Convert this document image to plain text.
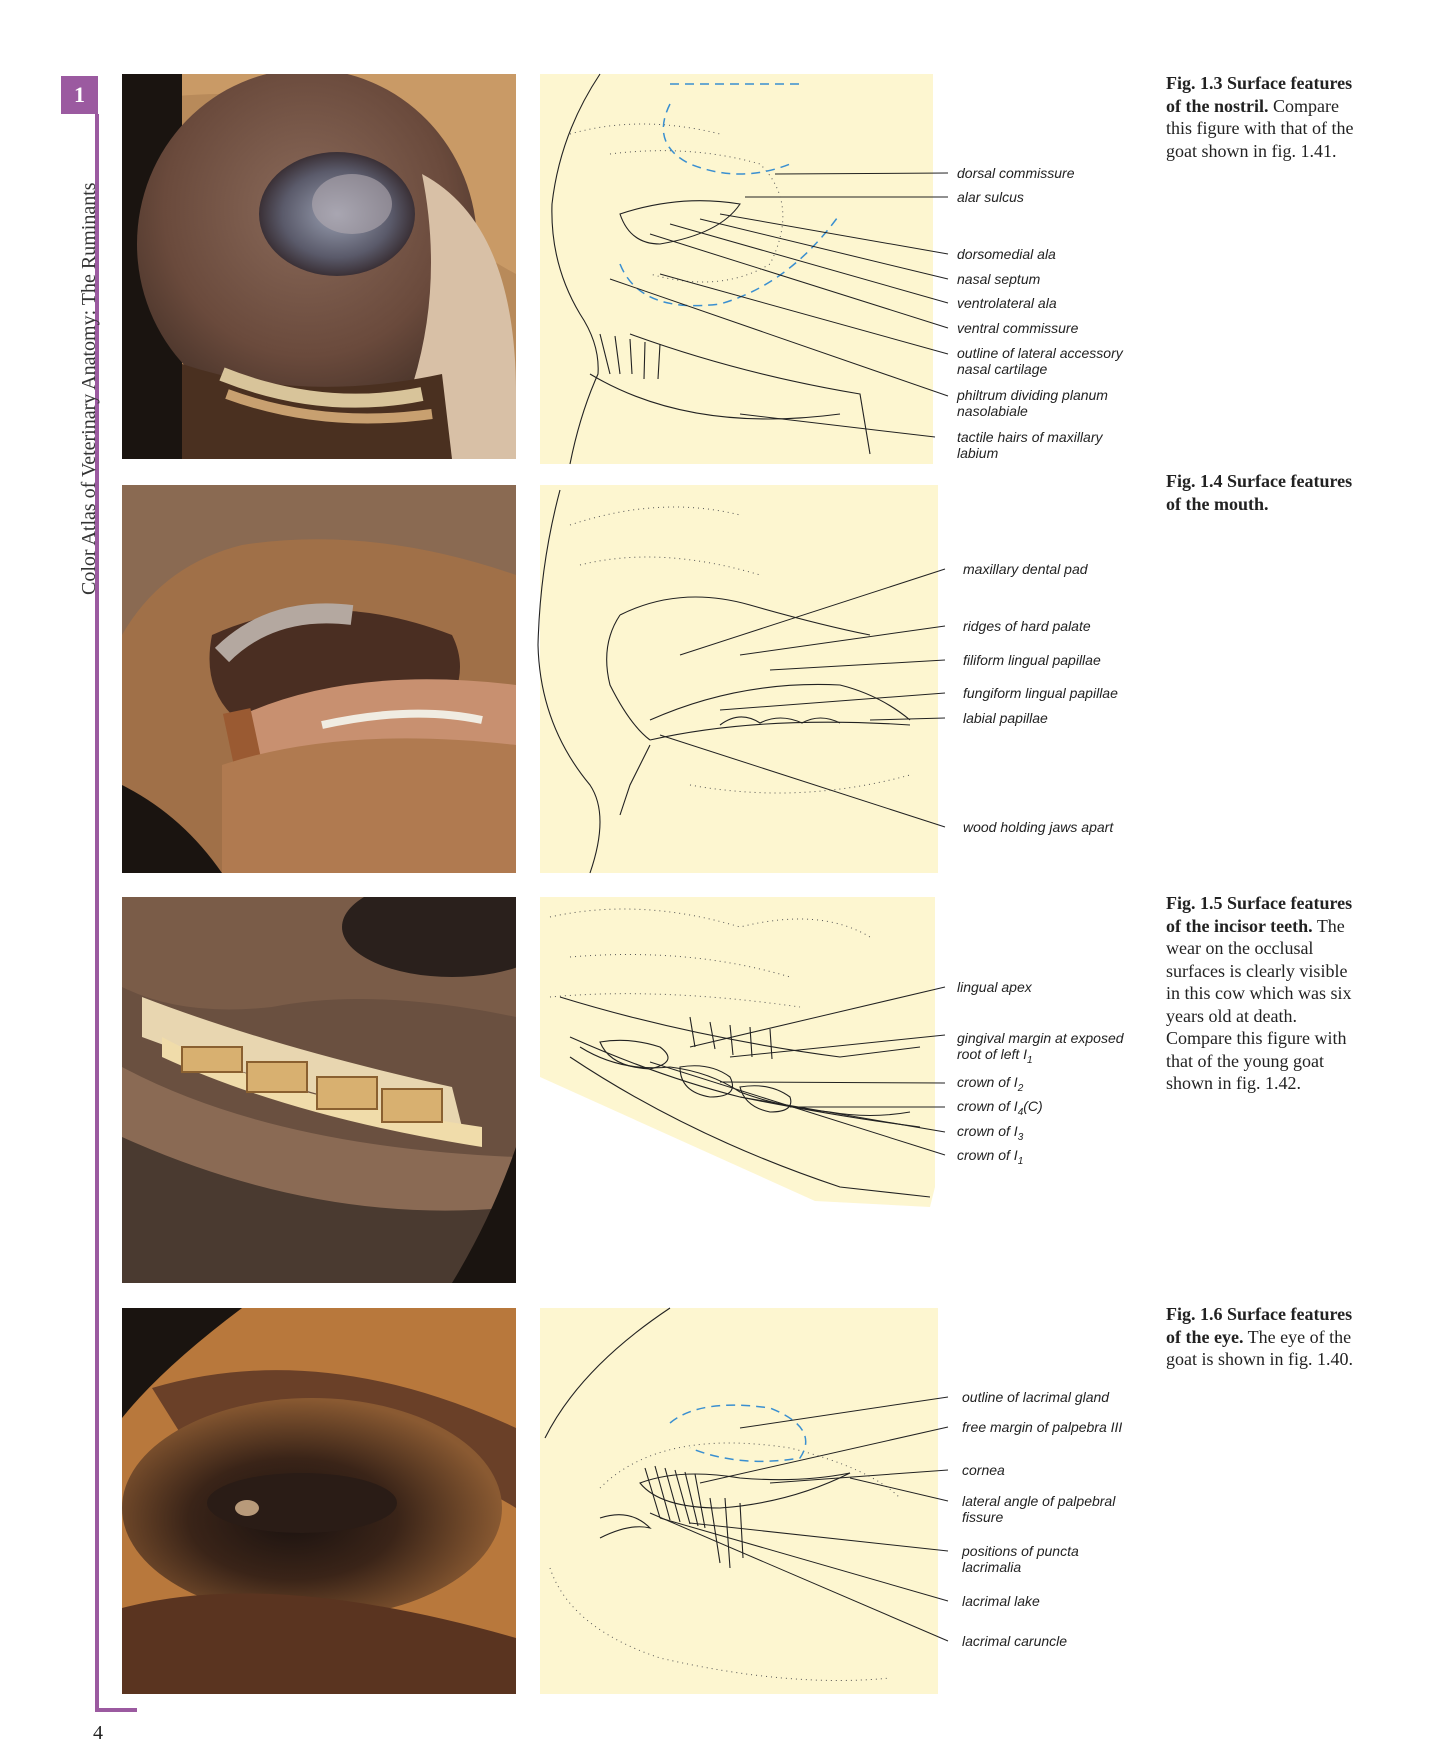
1
Color Atlas of Veterinary Anatomy: The Ruminants
4
dorsal commissure
alar sulcus
dorsomedial ala
nasal septum
ventrolateral ala
ventral commissure
outline of lateral accessory
nasal cartilage
philtrum dividing planum
nasolabiale
tactile hairs of maxillary
labium
Fig. 1.3 Surface features of the nostril. Compare this figure with that of the goat shown in fig. 1.41.
maxillary dental pad
ridges of hard palate
filiform lingual papillae
fungiform lingual papillae
labial papillae
wood holding jaws apart
Fig. 1.4 Surface features of the mouth.
lingual apex
gingival margin at exposed
root of left $I_1$
crown of $I_2$
crown of $I_4(C)$
crown of $I_3$
crown of $I_1$
Fig. 1.5 Surface features of the incisor teeth. The wear on the occlusal surfaces is clearly visible in this cow which was six years old at death. Compare this figure with that of the young goat shown in fig. 1.42.
outline of lacrimal gland
free margin of palpebra III
cornea
lateral angle of palpebral
fissure
positions of puncta
lacrimalia
lacrimal lake
lacrimal caruncle
Fig. 1.6 Surface features of the eye. The eye of the goat is shown in fig. 1.40.
